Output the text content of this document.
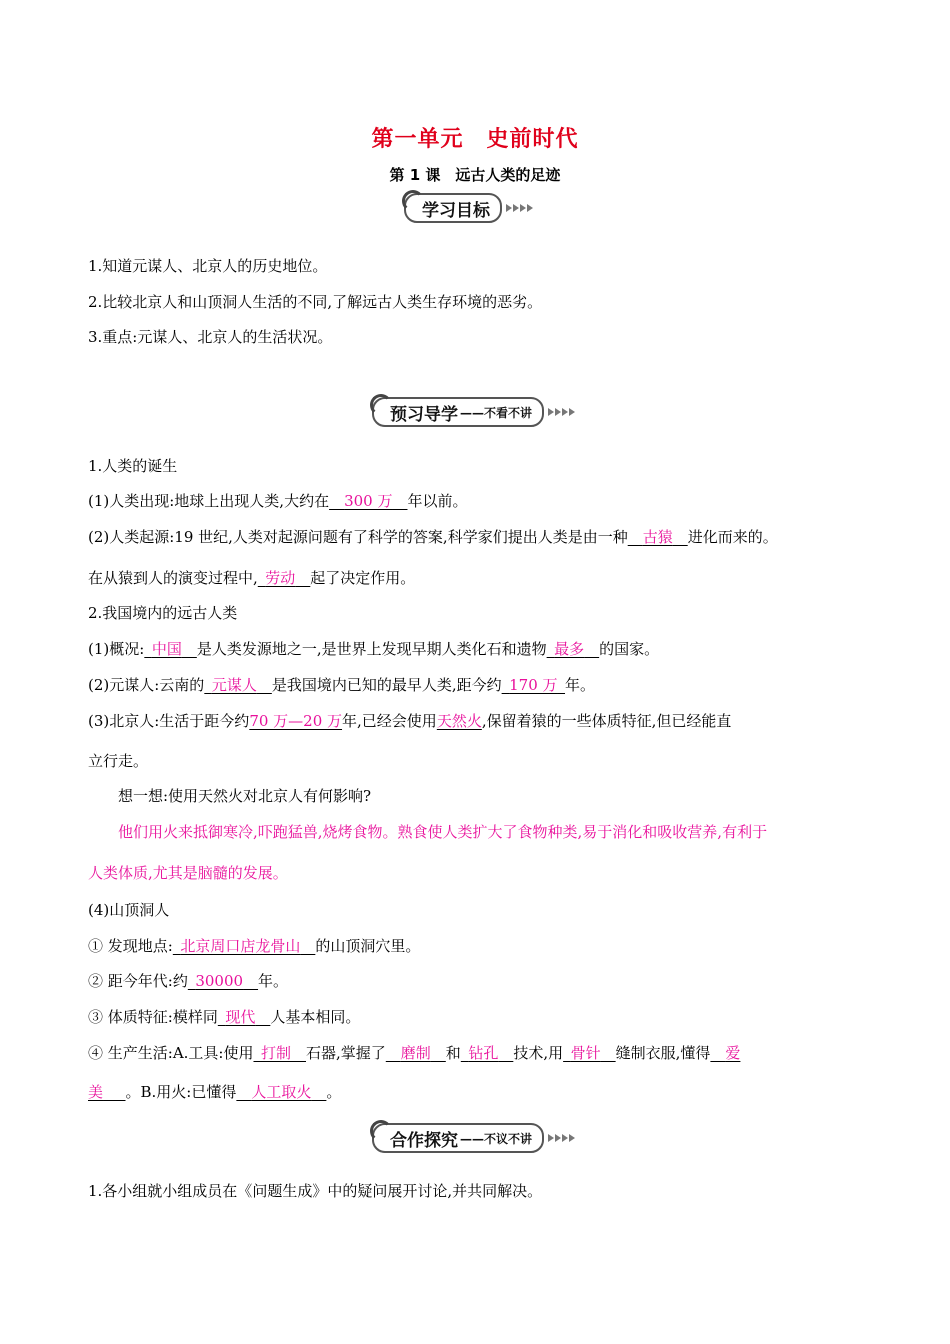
第一单元　史前时代
第 1 课　远古人类的足迹
学习目标
1.知道元谋人、北京人的历史地位。
2.比较北京人和山顶洞人生活的不同,了解远古人类生存环境的恶劣。
3.重点:元谋人、北京人的生活状况。
预习导学 ——不看不讲
1.人类的诞生
(1)人类出现:地球上出现人类,大约在  300 万  年以前。
(2)人类起源:19 世纪,人类对起源问题有了科学的答案,科学家们提出人类是由一种  古猿  进化而来的。
在从猿到人的演变过程中,  劳动  起了决定作用。
2.我国境内的远古人类
(1)概况:  中国  是人类发源地之一,是世界上发现早期人类化石和遗物  最多  的国家。
(2)元谋人:云南的  元谋人  是我国境内已知的最早人类,距今约  170 万  年。
(3)北京人:生活于距今约70 万—20 万年,已经会使用天然火,保留着猿的一些体质特征,但已经能直
立行走。
想一想:使用天然火对北京人有何影响?
他们用火来抵御寒冷,吓跑猛兽,烧烤食物。熟食使人类扩大了食物种类,易于消化和吸收营养,有利于
人类体质,尤其是脑髓的发展。
(4)山顶洞人
① 发现地点:  北京周口店龙骨山   的山顶洞穴里。
② 距今年代:约  30000   年。
③ 体质特征:模样同  现代   人基本相同。
④ 生产生活:A.工具:使用  打制   石器,掌握了   磨制   和  钻孔   技术,用  骨针   缝制衣服,懂得   爱
美    。B.用火:已懂得   人工取火   。
合作探究 ——不议不讲
1.各小组就小组成员在《问题生成》中的疑问展开讨论,并共同解决。
